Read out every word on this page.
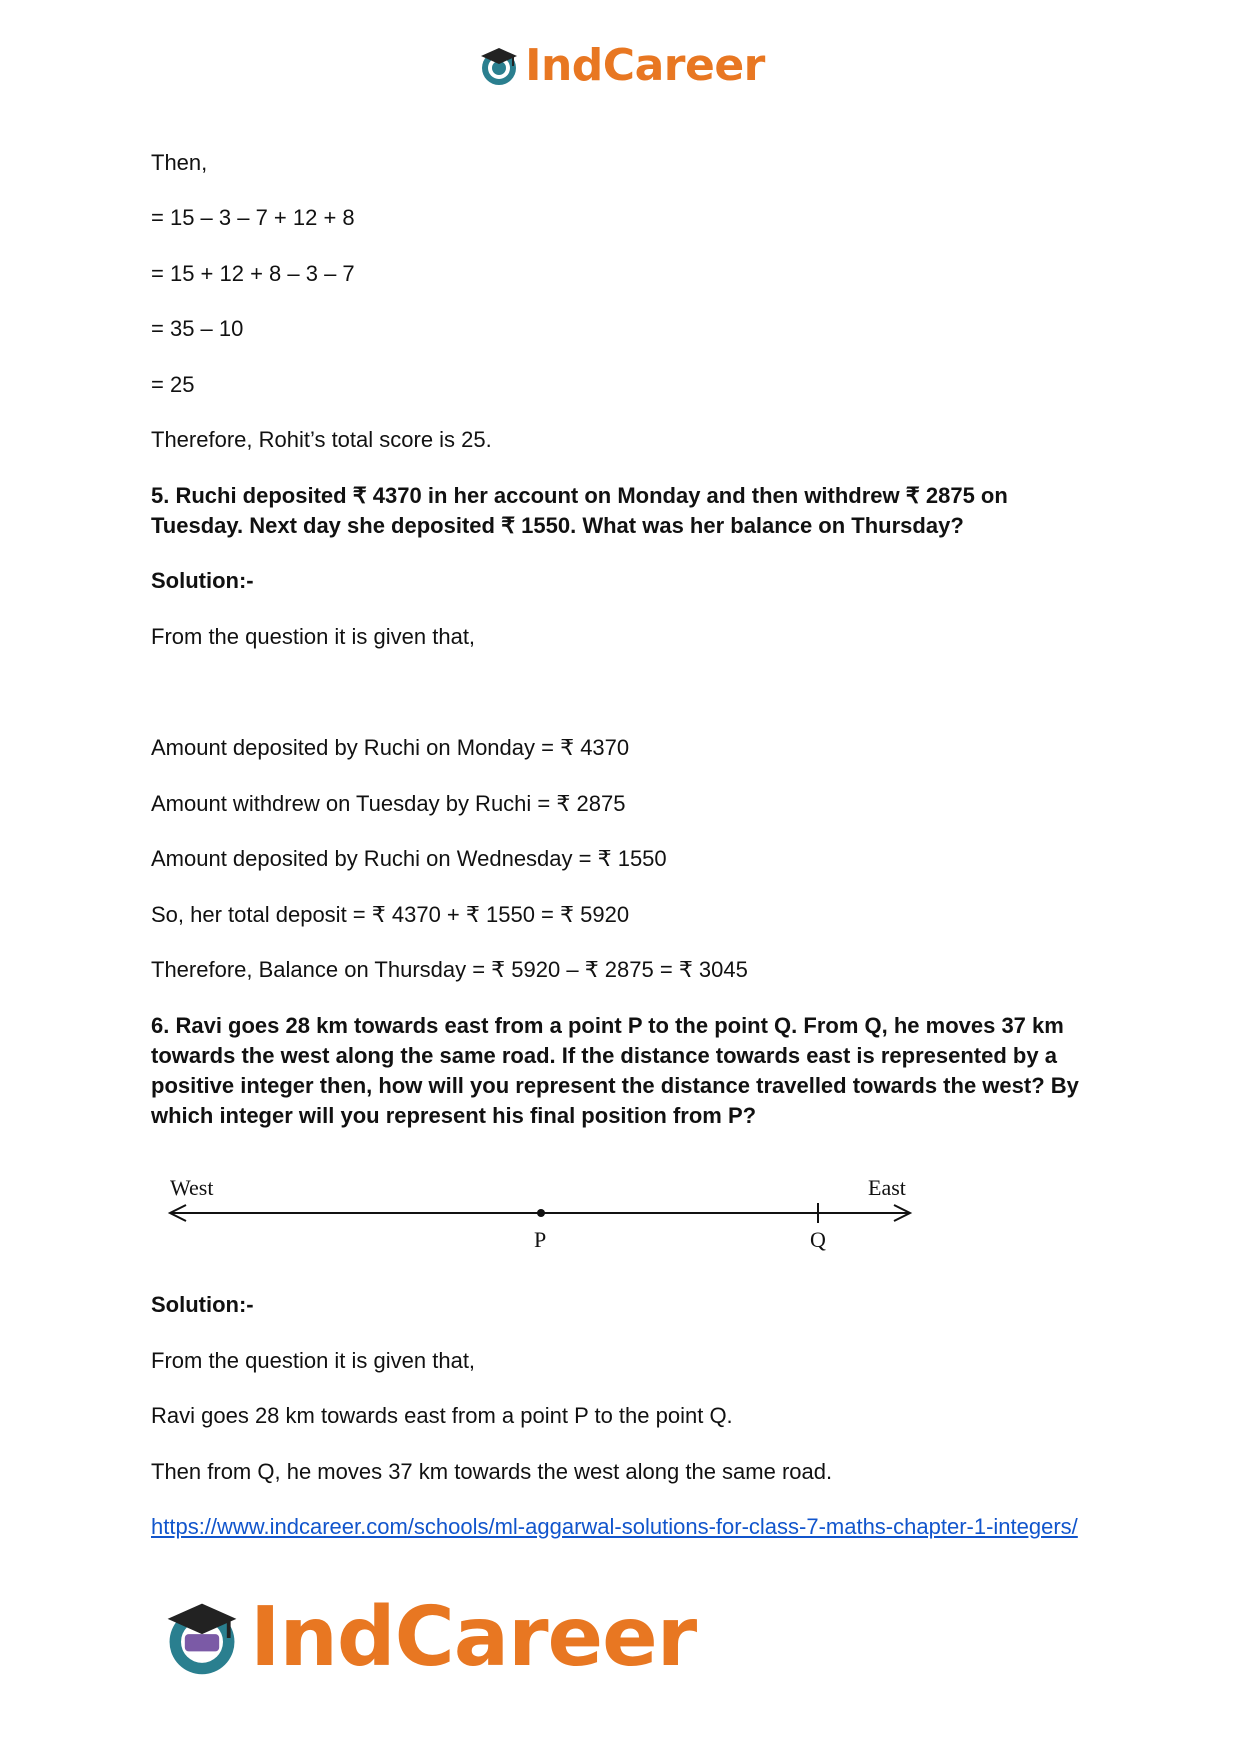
IndCareer
Then,
= 15 – 3 – 7 + 12 + 8
= 15 + 12 + 8 – 3 – 7
= 35 – 10
= 25
Therefore, Rohit’s total score is 25.
5. Ruchi deposited ₹ 4370 in her account on Monday and then withdrew ₹ 2875 on Tuesday. Next day she deposited ₹ 1550. What was her balance on Thursday?
Solution:-
From the question it is given that,
Amount deposited by Ruchi on Monday = ₹ 4370
Amount withdrew on Tuesday by Ruchi = ₹ 2875
Amount deposited by Ruchi on Wednesday = ₹ 1550
So, her total deposit = ₹ 4370 + ₹ 1550 = ₹ 5920
Therefore, Balance on Thursday = ₹ 5920 – ₹ 2875 = ₹ 3045
6. Ravi goes 28 km towards east from a point P to the point Q. From Q, he moves 37 km towards the west along the same road. If the distance towards east is represented by a positive integer then, how will you represent the distance travelled towards the west? By which integer will you represent his final position from P?
Solution:-
From the question it is given that,
Ravi goes 28 km towards east from a point P to the point Q.
Then from Q, he moves 37 km towards the west along the same road.
https://www.indcareer.com/schools/ml-aggarwal-solutions-for-class-7-maths-chapter-1-integers/
West	East
P	Q
IndCareer
